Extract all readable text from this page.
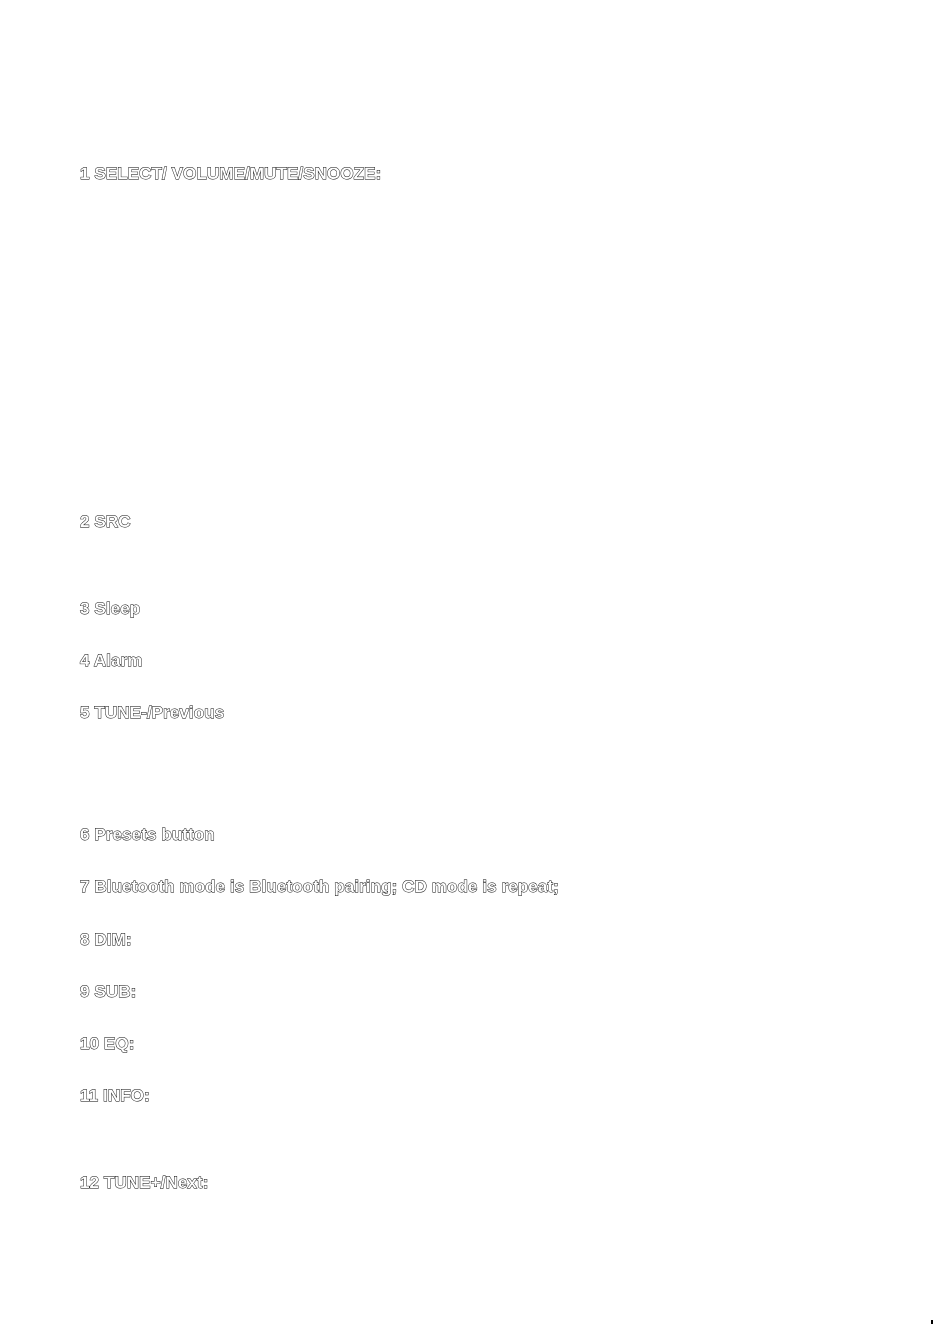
1 SELECT/ VOLUME/MUTE/SNOOZE:

2 SRC

3 Sleep

4 Alarm

5 TUNE-/Previous

6 Presets button

7 Bluetooth mode is Bluetooth pairing; CD mode is repeat;

8 DIM:

9 SUB:

10 EQ:

11 INFO:

12 TUNE+/Next:
